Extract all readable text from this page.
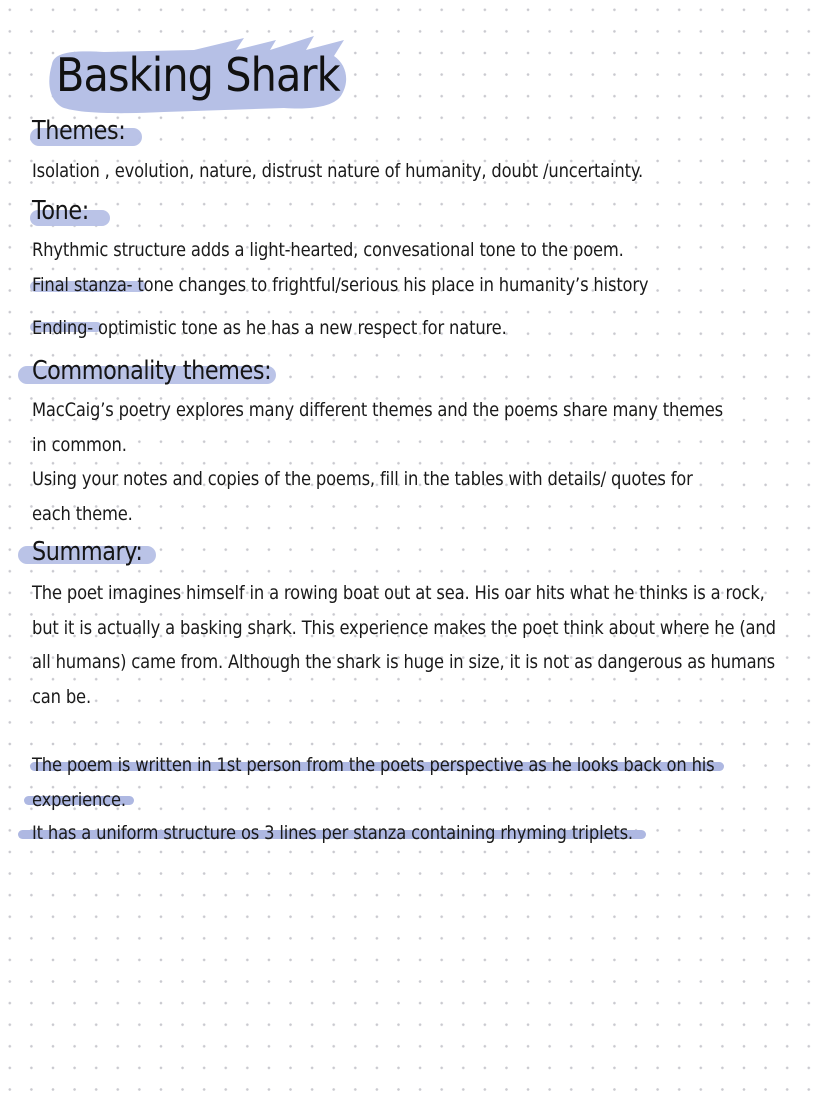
Basking Shark
Themes:
Isolation , evolution, nature, distrust nature of humanity, doubt /uncertainty.
Tone:
Rhythmic structure adds a light-hearted, convesational tone to the poem.
Final stanza- tone changes to frightful/serious his place in humanity’s history
Ending- optimistic tone as he has a new respect for nature.
Commonality themes:
MacCaig’s poetry explores many different themes and the poems share many themes
in common.
Using your notes and copies of the poems, fill in the tables with details/ quotes for
each theme.
Summary:
The poet imagines himself in a rowing boat out at sea. His oar hits what he thinks is a rock,
but it is actually a basking shark. This experience makes the poet think about where he (and
all humans) came from. Although the shark is huge in size, it is not as dangerous as humans
can be.
The poem is written in 1st person from the poets perspective as he looks back on his
experience.
It has a uniform structure os 3 lines per stanza containing rhyming triplets.
